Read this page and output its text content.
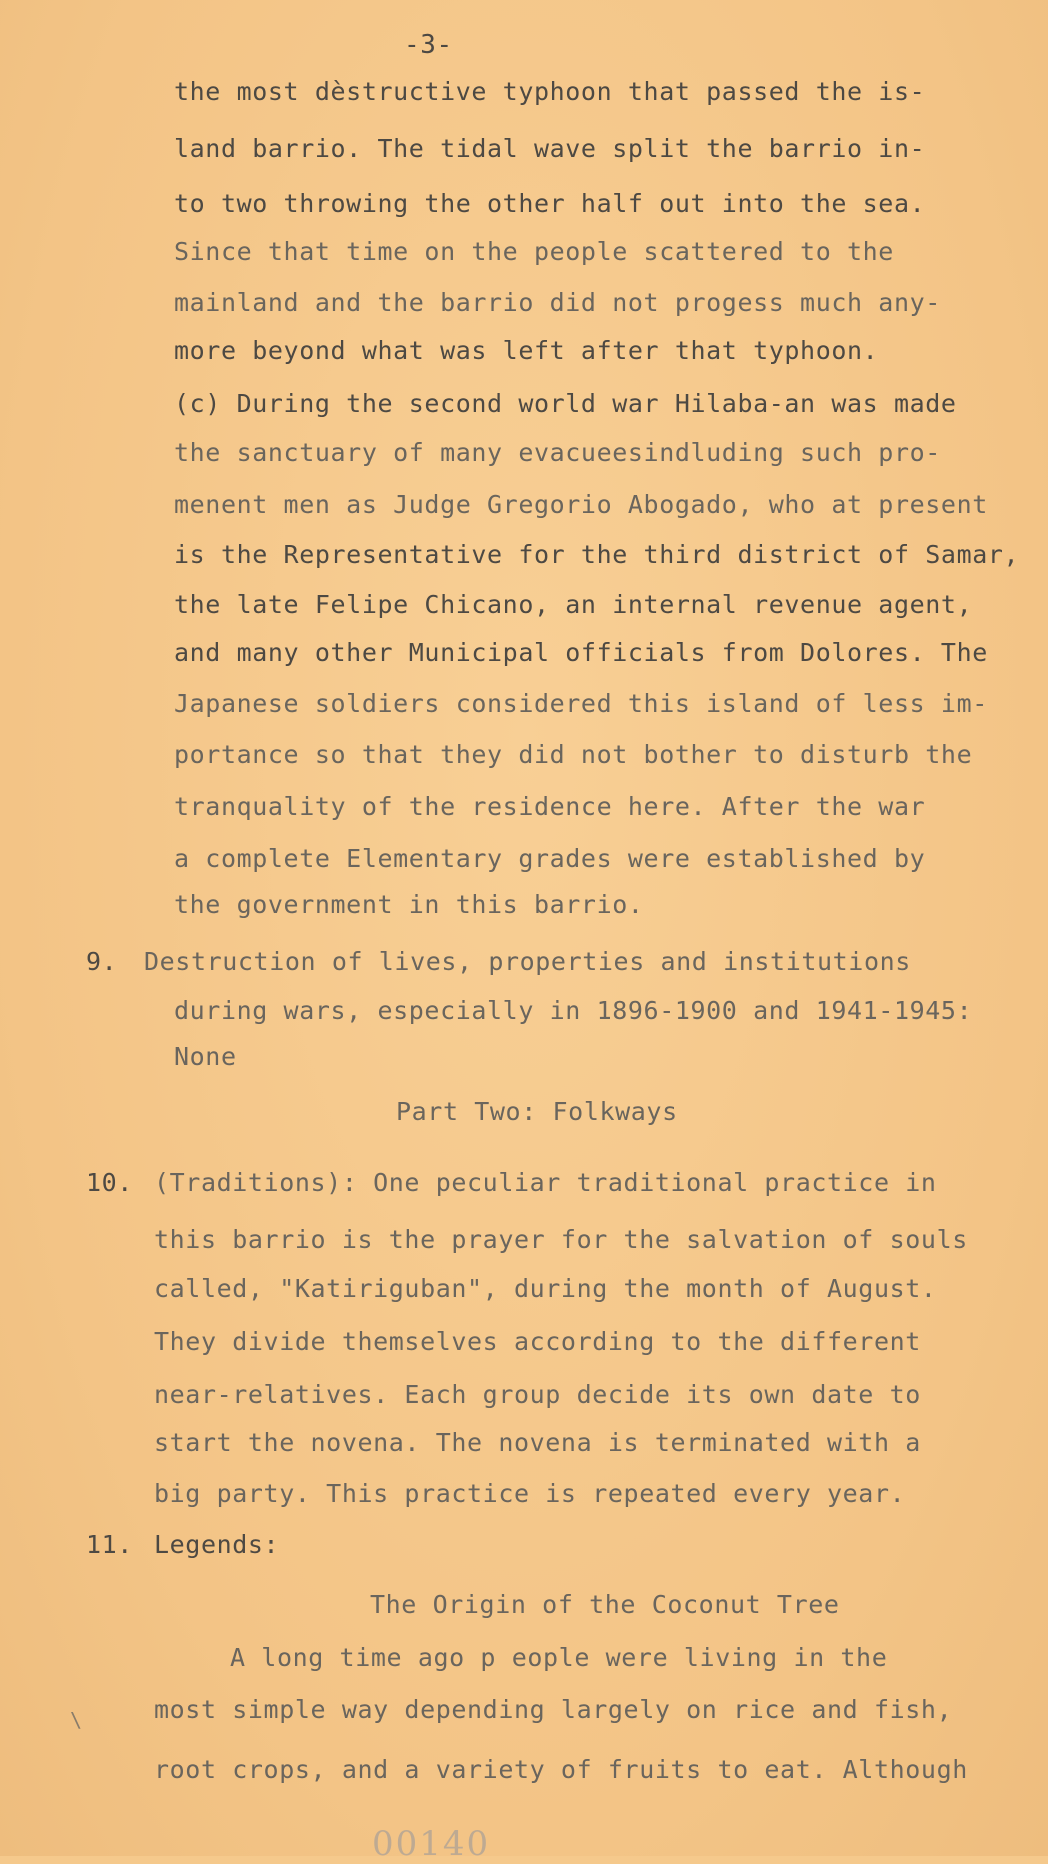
-3-
the most dèstructive typhoon that passed the is-
land barrio. The tidal wave split the barrio in-
to two throwing the other half out into the sea.
Since that time on the people scattered to the
mainland and the barrio did not progess much any-
more beyond what was left after that typhoon.
(c) During the second world war Hilaba-an was made
the sanctuary of many evacueesindluding such pro-
menent men as Judge Gregorio Abogado, who at present
is the Representative for the third district of Samar,
the late Felipe Chicano, an internal revenue agent,
and many other Municipal officials from Dolores. The
Japanese soldiers considered this island of less im-
portance so that they did not bother to disturb the
tranquality of the residence here. After the war
a complete Elementary grades were established by
the government in this barrio.
9. Destruction of lives, properties and institutions
during wars, especially in 1896-1900 and 1941-1945:
None
Part Two: Folkways
10. (Traditions): One peculiar traditional practice in
this barrio is the prayer for the salvation of souls
called, "Katiriguban", during the month of August.
They divide themselves according to the different
near-relatives. Each group decide its own date to
start the novena. The novena is terminated with a
big party. This practice is repeated every year.
11. Legends:
The Origin of the Coconut Tree
A long time ago p eople were living in the
most simple way depending largely on rice and fish,
root crops, and a variety of fruits to eat. Although
\
00140
